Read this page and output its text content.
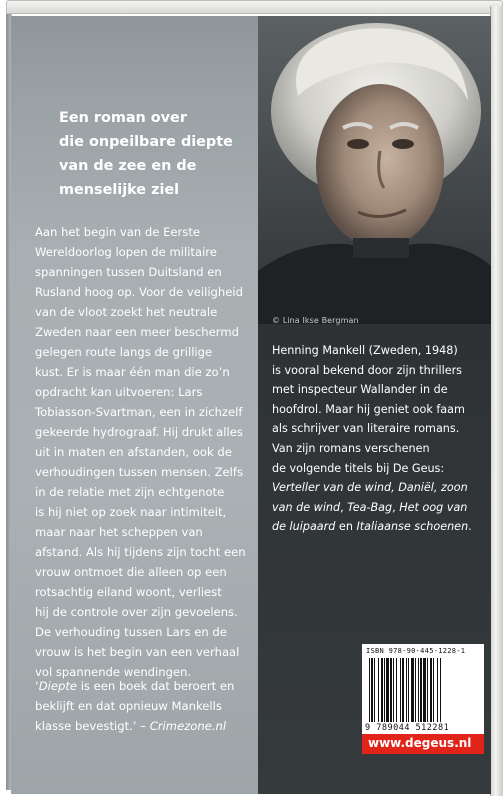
Een roman over
die onpeilbare diepte
van de zee en de
menselijke ziel

Aan het begin van de Eerste
Wereldoorlog lopen de militaire
spanningen tussen Duitsland en
Rusland hoog op. Voor de veiligheid
van de vloot zoekt het neutrale
Zweden naar een meer beschermd
gelegen route langs de grillige
kust. Er is maar één man die zo’n
opdracht kan uitvoeren: Lars
Tobiasson-Svartman, een in zichzelf
gekeerde hydrograaf. Hij drukt alles
uit in maten en afstanden, ook de
verhoudingen tussen mensen. Zelfs
in de relatie met zijn echtgenote
is hij niet op zoek naar intimiteit,
maar naar het scheppen van
afstand. Als hij tijdens zijn tocht een
vrouw ontmoet die alleen op een
rotsachtig eiland woont, verliest
hij de controle over zijn gevoelens.
De verhouding tussen Lars en de
vrouw is het begin van een verhaal
vol spannende wendingen.

‘Diepte is een boek dat beroert en
beklijft en dat opnieuw Mankells
klasse bevestigt.’ – Crimezone.nl

© Lina Ikse Bergman

Henning Mankell (Zweden, 1948)
is vooral bekend door zijn thrillers
met inspecteur Wallander in de
hoofdrol. Maar hij geniet ook faam
als schrijver van literaire romans.
Van zijn romans verschenen
de volgende titels bij De Geus:
Verteller van de wind, Daniël, zoon
van de wind, Tea-Bag, Het oog van
de luipaard en Italiaanse schoenen.

ISBN 978-90-445-1228-1
9 789044 512281
www.degeus.nl
